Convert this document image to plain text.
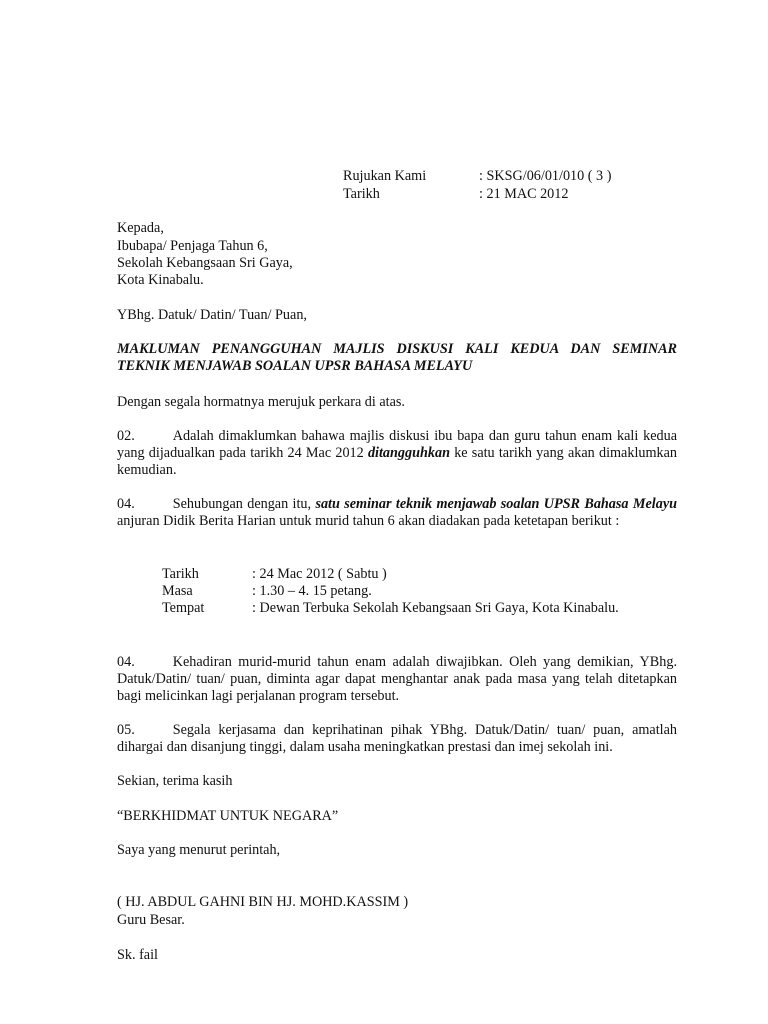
Rujukan Kami	: SKSG/06/01/010 ( 3 )
Tarikh	: 21 MAC 2012
Kepada,
Ibubapa/ Penjaga Tahun 6,
Sekolah Kebangsaan Sri Gaya,
Kota Kinabalu.
YBhg. Datuk/ Datin/ Tuan/ Puan,
MAKLUMAN PENANGGUHAN MAJLIS DISKUSI KALI KEDUA DAN SEMINAR
TEKNIK MENJAWAB SOALAN UPSR BAHASA MELAYU
Dengan segala hormatnya merujuk perkara di atas.
02.	Adalah dimaklumkan bahawa majlis diskusi ibu bapa dan guru tahun enam kali kedua yang dijadualkan pada tarikh 24 Mac 2012 ditangguhkan ke satu tarikh yang akan dimaklumkan kemudian.
04.	Sehubungan dengan itu, satu seminar teknik menjawab soalan UPSR Bahasa Melayu anjuran Didik Berita Harian untuk murid tahun 6 akan diadakan pada ketetapan berikut :
Tarikh	: 24 Mac 2012 ( Sabtu )
Masa	: 1.30 – 4. 15 petang.
Tempat	: Dewan Terbuka Sekolah Kebangsaan Sri Gaya, Kota Kinabalu.
04.	Kehadiran murid-murid tahun enam adalah diwajibkan. Oleh yang demikian, YBhg. Datuk/Datin/ tuan/ puan, diminta agar dapat menghantar anak pada masa yang telah ditetapkan bagi melicinkan lagi perjalanan program tersebut.
05.	Segala kerjasama dan keprihatinan pihak YBhg. Datuk/Datin/ tuan/ puan, amatlah dihargai dan disanjung tinggi, dalam usaha meningkatkan prestasi dan imej sekolah ini.
Sekian, terima kasih
“BERKHIDMAT UNTUK NEGARA”
Saya yang menurut perintah,
( HJ. ABDUL GAHNI BIN HJ. MOHD.KASSIM )
Guru Besar.
Sk. fail
